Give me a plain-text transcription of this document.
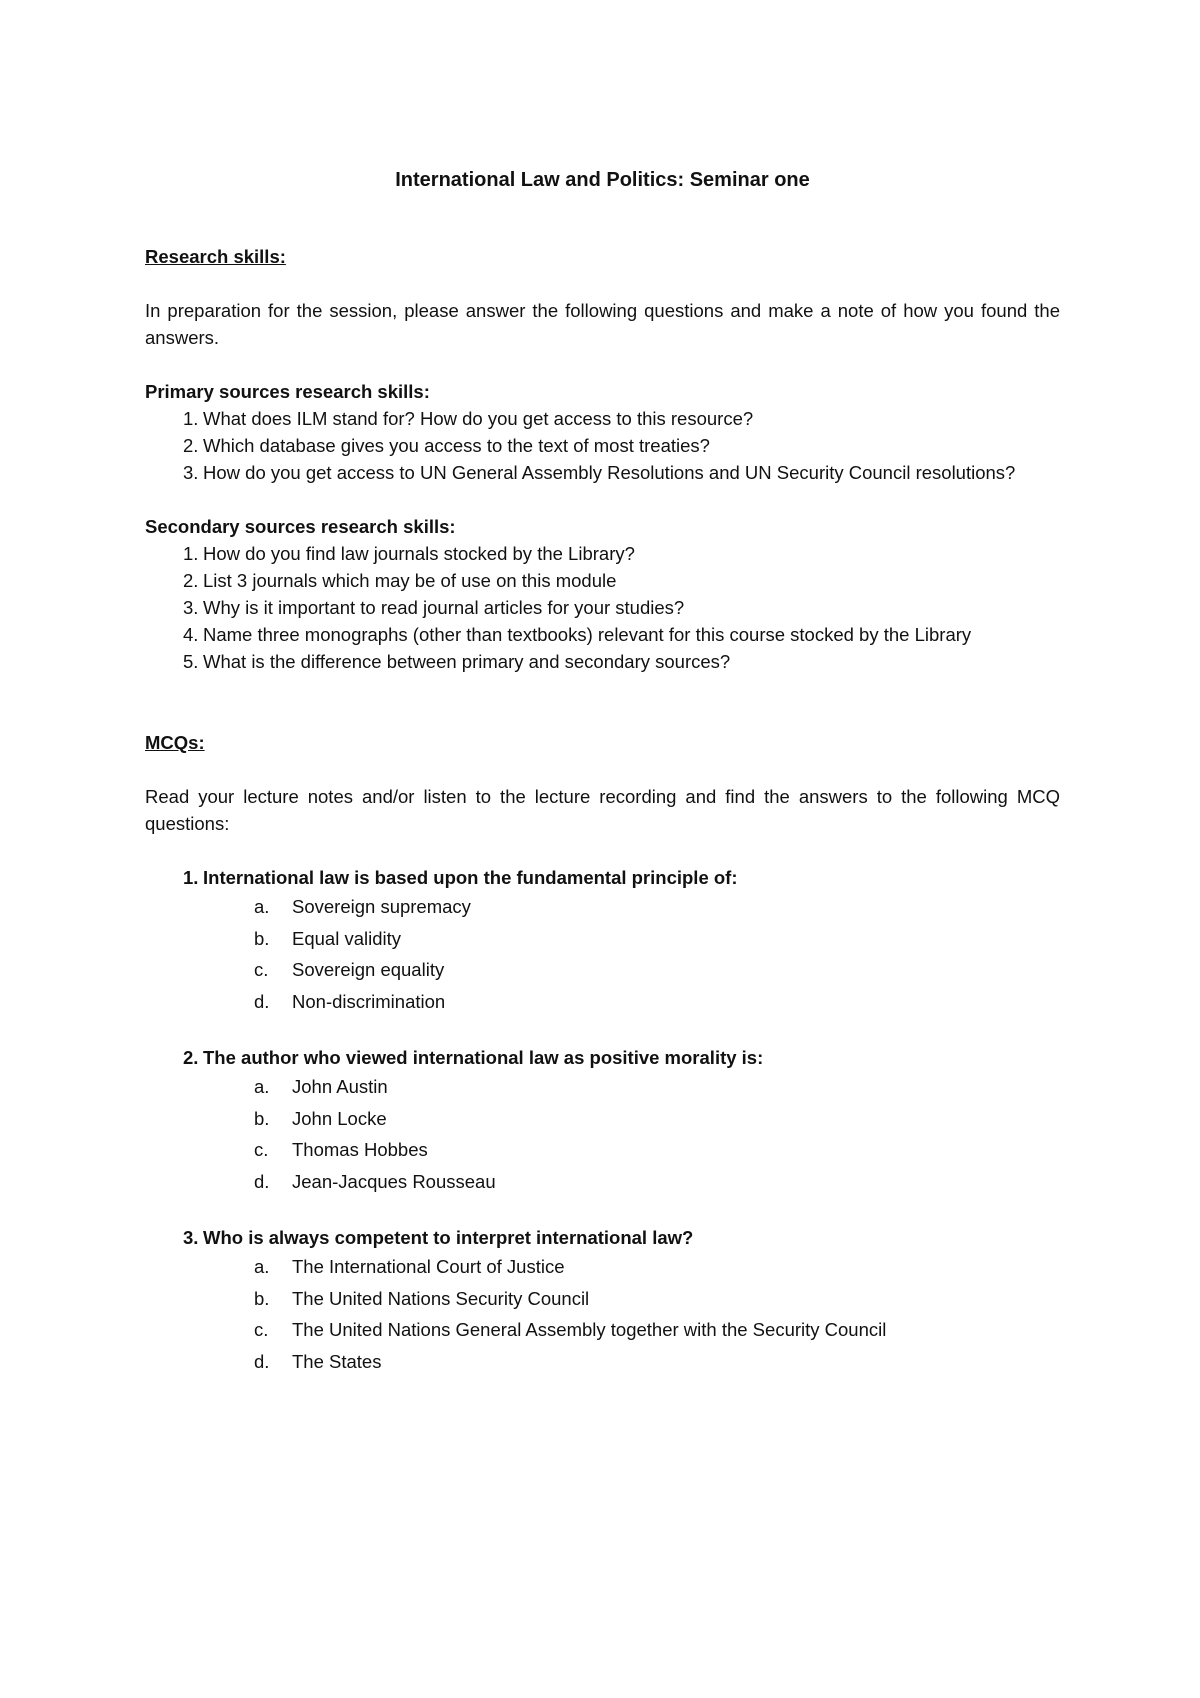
International Law and Politics: Seminar one
Research skills:
In preparation for the session, please answer the following questions and make a note of how you found the answers.
Primary sources research skills:
1. What does ILM stand for? How do you get access to this resource?
2. Which database gives you access to the text of most treaties?
3. How do you get access to UN General Assembly Resolutions and UN Security Council resolutions?
Secondary sources research skills:
1. How do you find law journals stocked by the Library?
2. List 3 journals which may be of use on this module
3. Why is it important to read journal articles for your studies?
4. Name three monographs (other than textbooks) relevant for this course stocked by the Library
5. What is the difference between primary and secondary sources?
MCQs:
Read your lecture notes and/or listen to the lecture recording and find the answers to the following MCQ questions:
1. International law is based upon the fundamental principle of:
a. Sovereign supremacy
b. Equal validity
c. Sovereign equality
d. Non-discrimination
2. The author who viewed international law as positive morality is:
a. John Austin
b. John Locke
c. Thomas Hobbes
d. Jean-Jacques Rousseau
3. Who is always competent to interpret international law?
a. The International Court of Justice
b. The United Nations Security Council
c. The United Nations General Assembly together with the Security Council
d. The States
